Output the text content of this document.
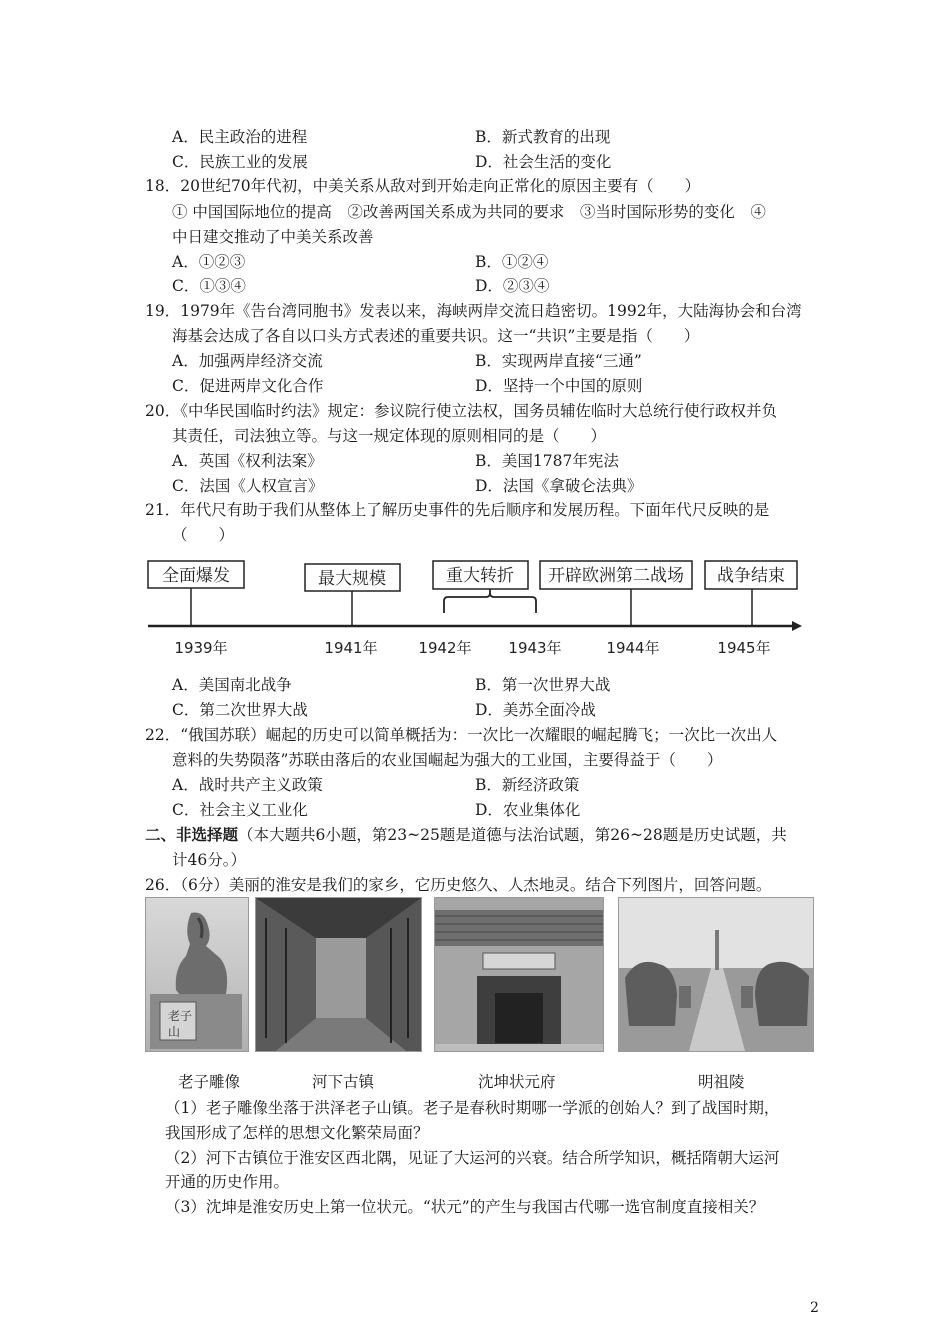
A．民主政治的进程	B．新式教育的出现
C．民族工业的发展	D．社会生活的变化
18．20世纪70年代初，中美关系从敌对到开始走向正常化的原因主要有（　　）
① 中国国际地位的提高　②改善两国关系成为共同的要求　③当时国际形势的变化　④
中日建交推动了中美关系改善
A．①②③	B．①②④
C．①③④	D．②③④
19．1979年《告台湾同胞书》发表以来，海峡两岸交流日趋密切。1992年，大陆海协会和台湾
海基会达成了各自以口头方式表述的重要共识。这一“共识”主要是指（　　）
A．加强两岸经济交流	B．实现两岸直接“三通”
C．促进两岸文化合作	D．坚持一个中国的原则
20．《中华民国临时约法》规定：参议院行使立法权，国务员辅佐临时大总统行使行政权并负
其责任，司法独立等。与这一规定体现的原则相同的是（　　）
A．英国《权利法案》	B．美国1787年宪法
C．法国《人权宣言》	D．法国《拿破仑法典》
21．年代尺有助于我们从整体上了解历史事件的先后顺序和发展历程。下面年代尺反映的是
（　　）
全面爆发	最大规模	重大转折 开辟欧洲第二战场 战争结束
1939年	1941年	1942年 1943年	1944年	1945年
A．美国南北战争	B．第一次世界大战
C．第二次世界大战	D．美苏全面冷战
22．“俄国苏联）崛起的历史可以简单概括为：一次比一次耀眼的崛起腾飞；一次比一次出人
意料的失势陨落”苏联由落后的农业国崛起为强大的工业国，主要得益于（　　）
A．战时共产主义政策	B．新经济政策
C．社会主义工业化	D．农业集体化
二、非选择题（本大题共6小题，第23~25题是道德与法治试题，第26~28题是历史试题，共
计46分。）
26．（6分）美丽的淮安是我们的家乡，它历史悠久、人杰地灵。结合下列图片，回答问题。
老子
山
老子雕像	河下古镇	沈坤状元府	明祖陵
（1）老子雕像坐落于洪泽老子山镇。老子是春秋时期哪一学派的创始人？到了战国时期，
我国形成了怎样的思想文化繁荣局面？
（2）河下古镇位于淮安区西北隅，见证了大运河的兴衰。结合所学知识，概括隋朝大运河
开通的历史作用。
（3）沈坤是淮安历史上第一位状元。“状元”的产生与我国古代哪一选官制度直接相关？
2
